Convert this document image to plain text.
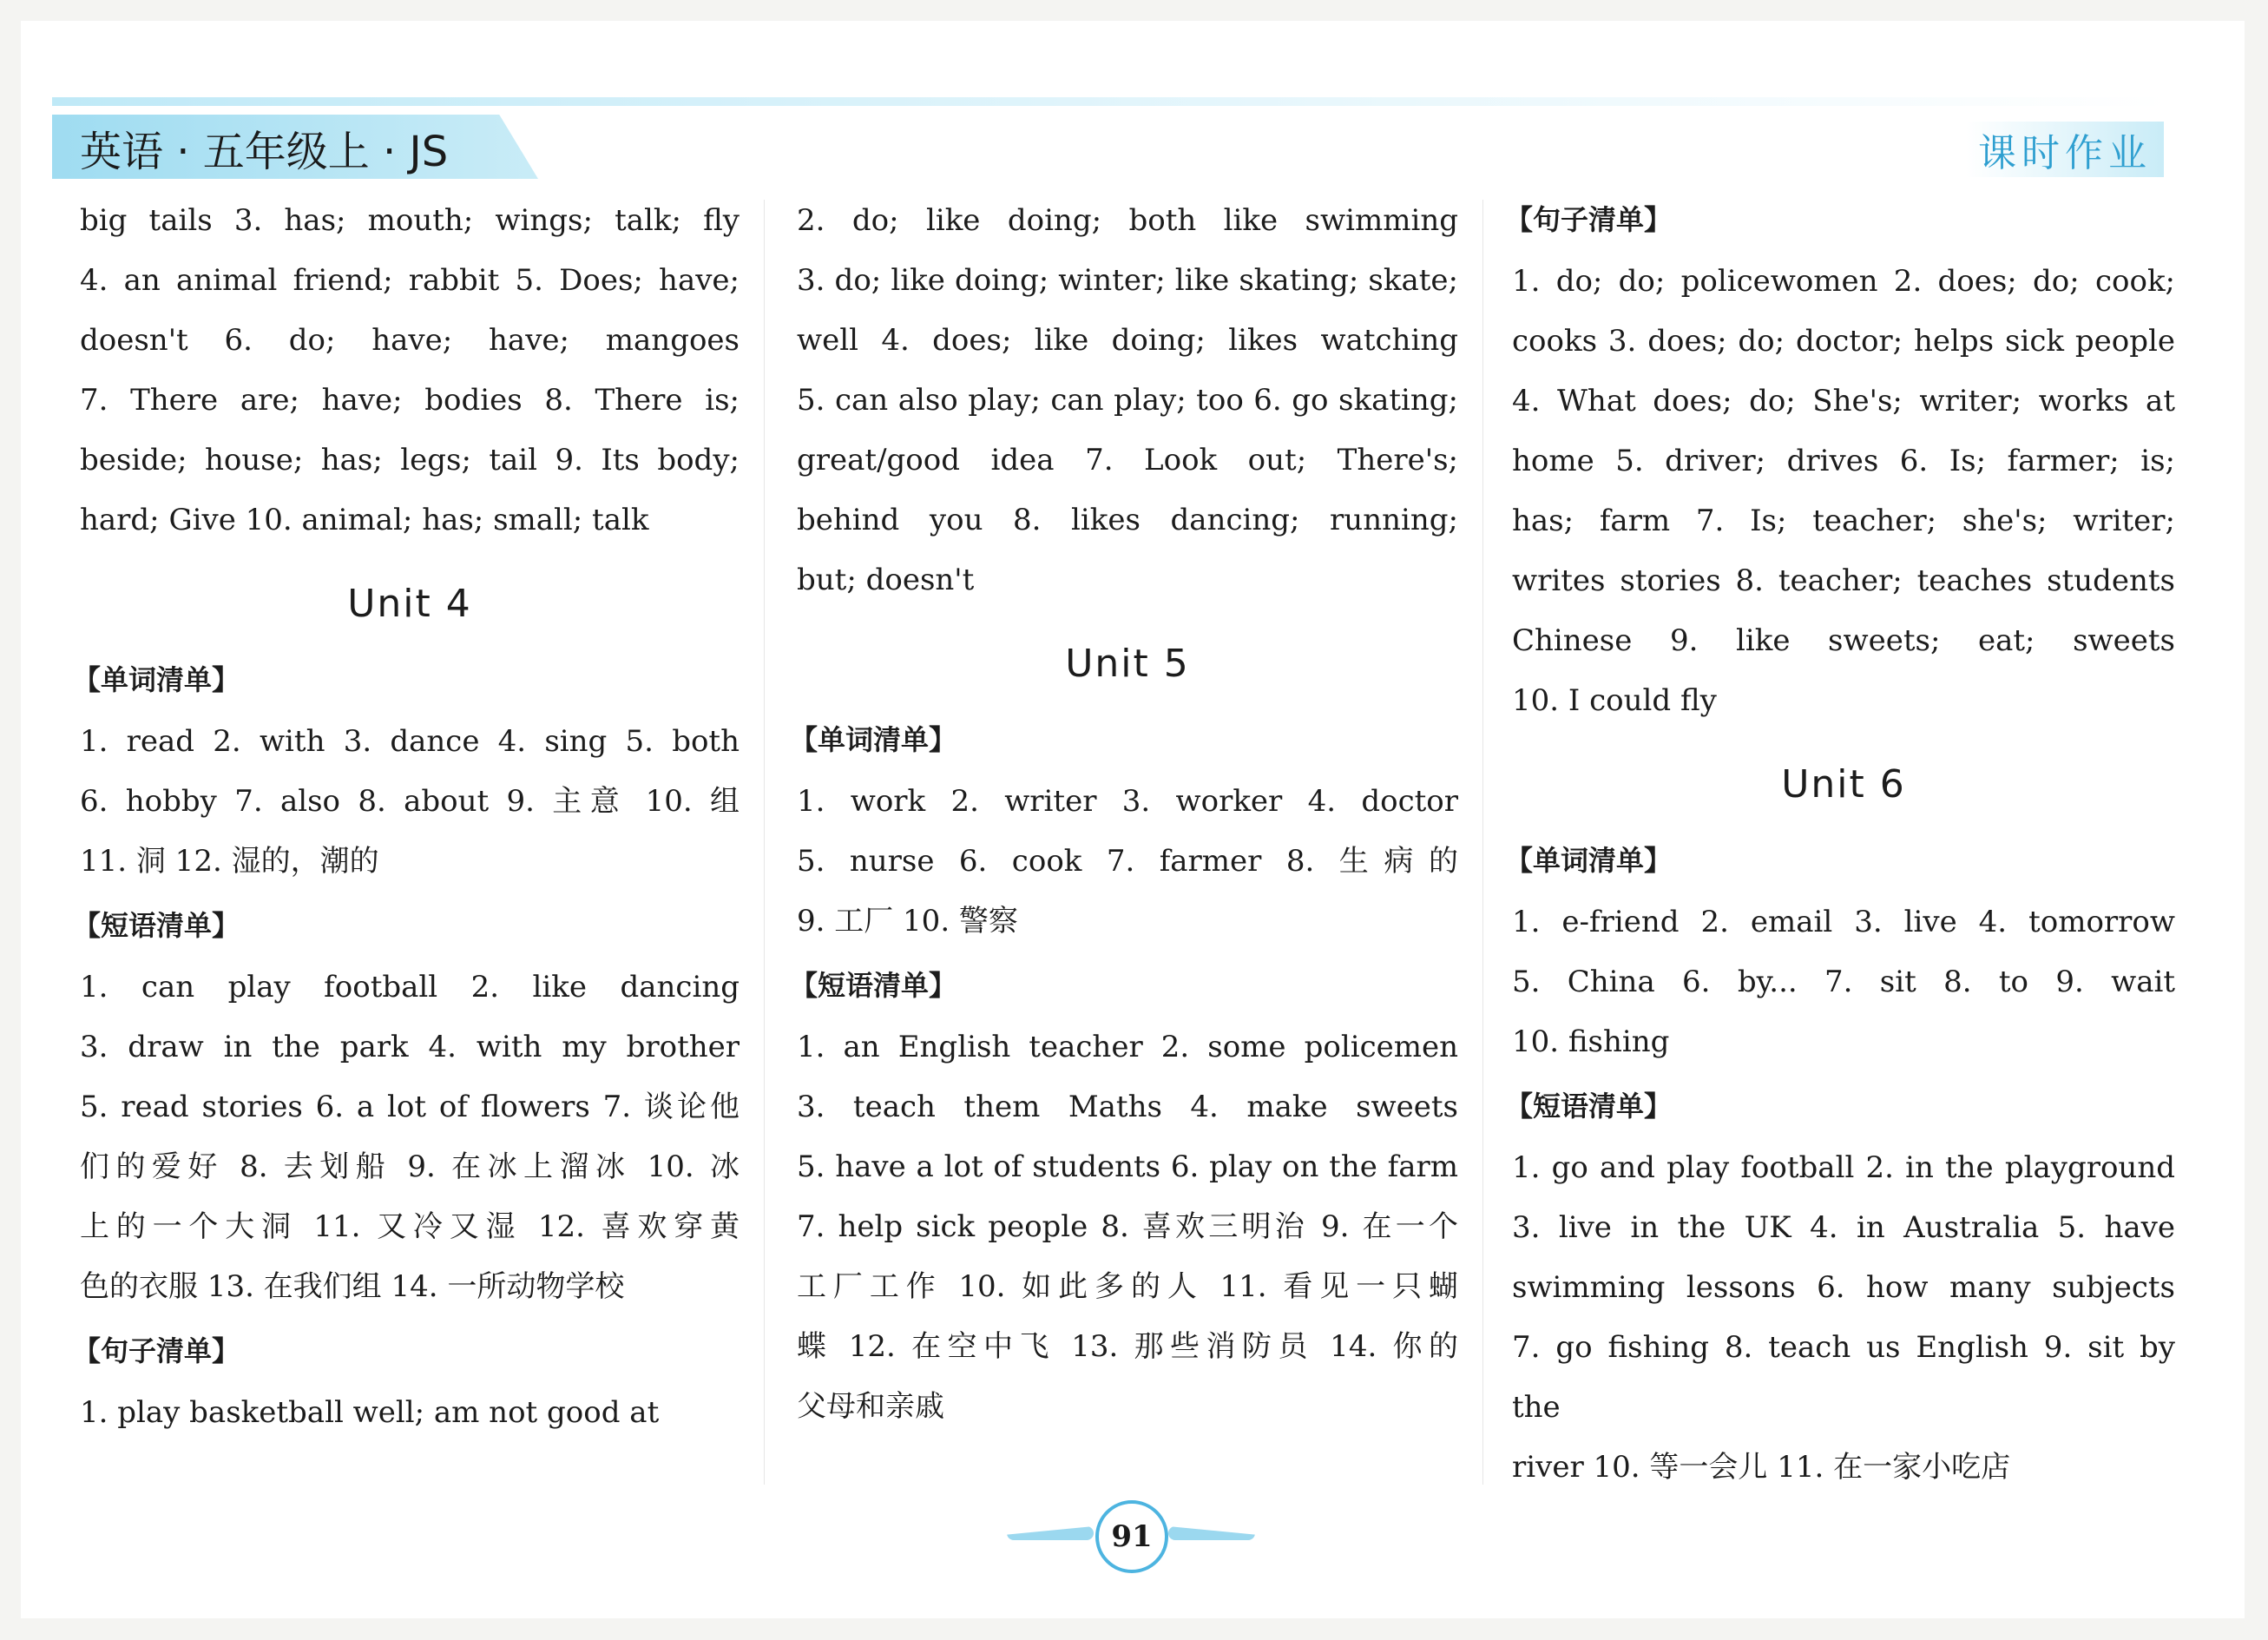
英语 · 五年级上 · JS	课时作业

big tails 3. has; mouth; wings; talk; fly

4. an animal friend; rabbit 5. Does; have;

doesn't 6. do; have; have; mangoes

7. There are; have; bodies 8. There is;

beside; house; has; legs; tail 9. Its body;

hard; Give 10. animal; has; small; talk

Unit 4
【单词清单】

1. read 2. with 3. dance 4. sing 5. both

6. hobby 7. also 8. about 9. 主意 10. 组

11. 洞 12. 湿的，潮的

【短语清单】

1. can play football 2. like dancing

3. draw in the park 4. with my brother

5. read stories 6. a lot of flowers 7. 谈论他

们的爱好 8. 去划船 9. 在冰上溜冰 10. 冰

上的一个大洞 11. 又冷又湿 12. 喜欢穿黄

色的衣服 13. 在我们组 14. 一所动物学校

【句子清单】

1. play basketball well; am not good at

2. do; like doing; both like swimming

3. do; like doing; winter; like skating; skate;

well 4. does; like doing; likes watching

5. can also play; can play; too 6. go skating;

great/good idea 7. Look out; There's;

behind you 8. likes dancing; running;

but; doesn't

Unit 5
【单词清单】

1. work 2. writer 3. worker 4. doctor

5. nurse 6. cook 7. farmer 8. 生病的

9. 工厂 10. 警察

【短语清单】

1. an English teacher 2. some policemen

3. teach them Maths 4. make sweets

5. have a lot of students 6. play on the farm

7. help sick people 8. 喜欢三明治 9. 在一个

工厂工作 10. 如此多的人 11. 看见一只蝴

蝶 12. 在空中飞 13. 那些消防员 14. 你的

父母和亲戚

【句子清单】

1. do; do; policewomen 2. does; do; cook;

cooks 3. does; do; doctor; helps sick people

4. What does; do; She's; writer; works at

home 5. driver; drives 6. Is; farmer; is;

has; farm 7. Is; teacher; she's; writer;

writes stories 8. teacher; teaches students

Chinese 9. like sweets; eat; sweets

10. I could fly

Unit 6
【单词清单】

1. e-friend 2. email 3. live 4. tomorrow

5. China 6. by... 7. sit 8. to 9. wait

10. fishing

【短语清单】

1. go and play football 2. in the playground

3. live in the UK 4. in Australia 5. have

swimming lessons 6. how many subjects

7. go fishing 8. teach us English 9. sit by the

river 10. 等一会儿 11. 在一家小吃店

91
